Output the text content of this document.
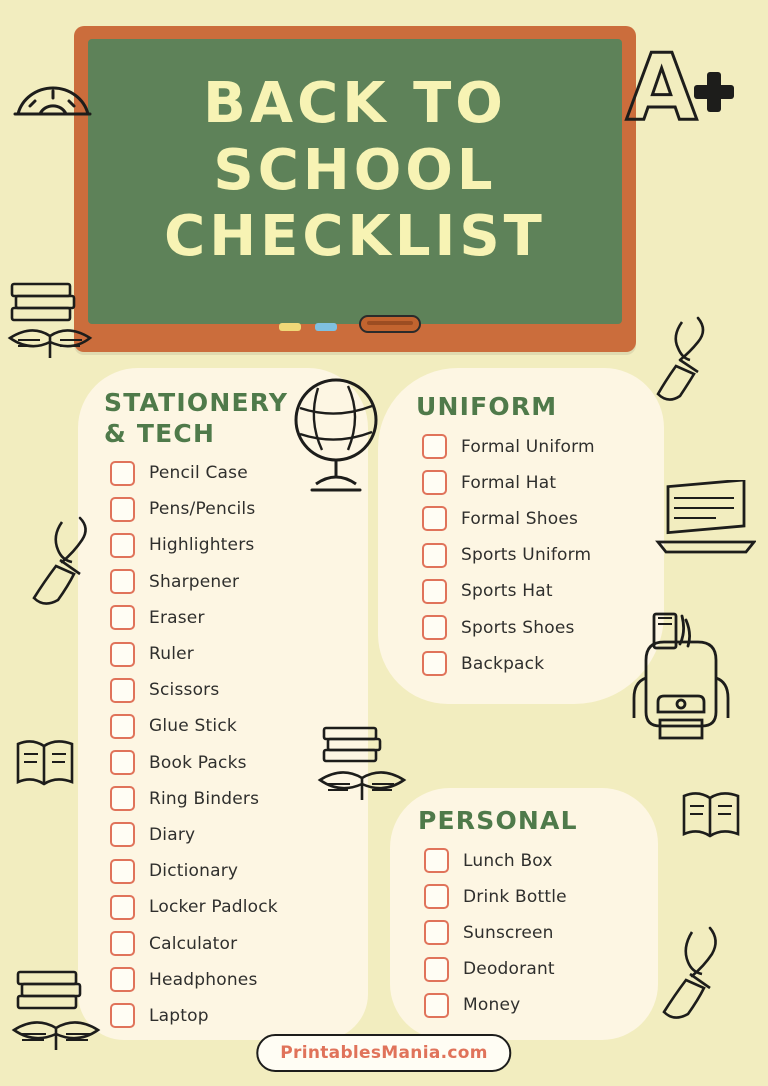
BACK TO
SCHOOL
CHECKLIST
A
STATIONERY
& TECH
Pencil Case
Pens/Pencils
Highlighters
Sharpener
Eraser
Ruler
Scissors
Glue Stick
Book Packs
Ring Binders
Diary
Dictionary
Locker Padlock
Calculator
Headphones
Laptop
UNIFORM
Formal Uniform
Formal Hat
Formal Shoes
Sports Uniform
Sports Hat
Sports Shoes
Backpack
PERSONAL
Lunch Box
Drink Bottle
Sunscreen
Deodorant
Money
PrintablesMania.com
